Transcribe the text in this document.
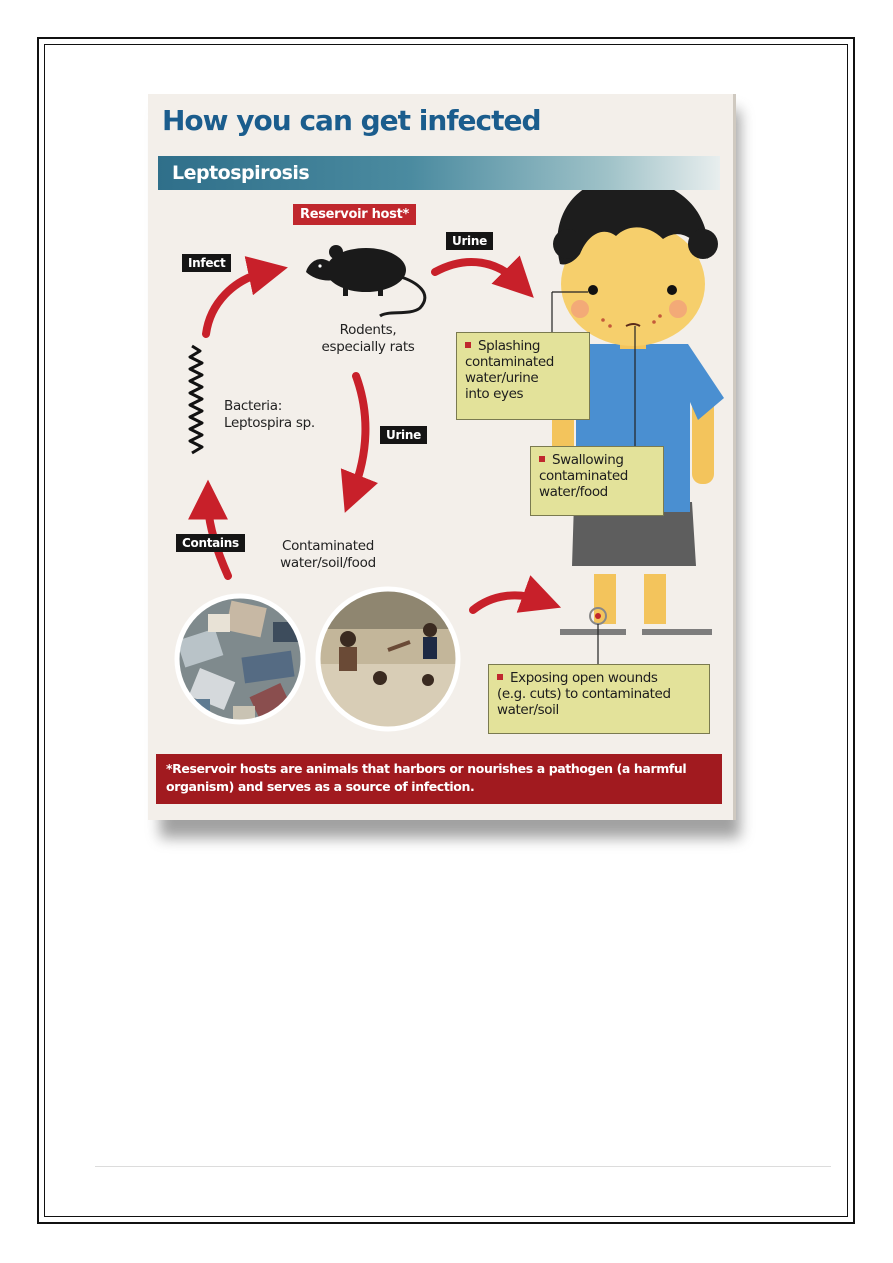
How you can get infected
Leptospirosis
Reservoir host*
Infect
Urine
Urine
Contains
Rodents,
especially rats
Bacteria:
Leptospira sp.
Contaminated
water/soil/food
Splashing
contaminated
water/urine
into eyes
Swallowing
contaminated
water/food
Exposing open wounds
(e.g. cuts) to contaminated
water/soil
*Reservoir hosts are animals that harbors or nourishes a pathogen (a harmful organism) and serves as a source of infection.
